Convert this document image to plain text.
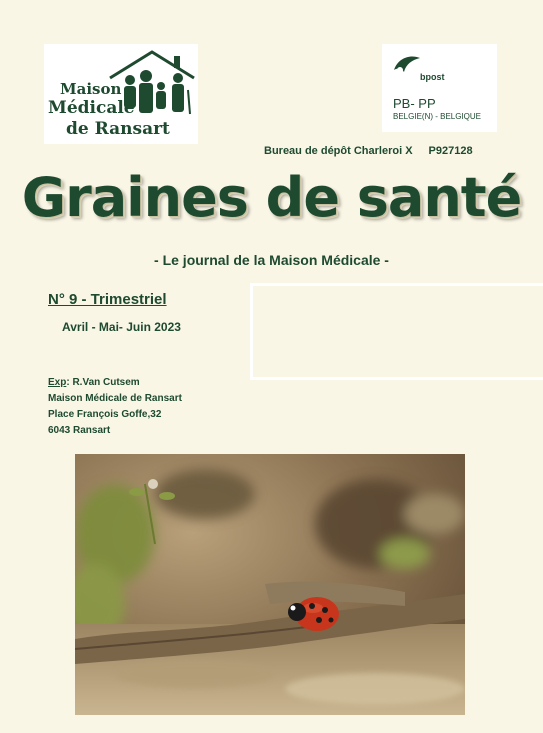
Maison
Médicale
de Ransart
bpost
PB- PP
BELGIE(N) - BELGIQUE
Bureau de dépôt Charleroi X P927128
Graines de santé
- Le journal de la Maison Médicale -
N° 9 - Trimestriel
Avril - Mai- Juin 2023
Exp: R.Van Cutsem
Maison Médicale de Ransart
Place François Goffe,32
6043 Ransart
